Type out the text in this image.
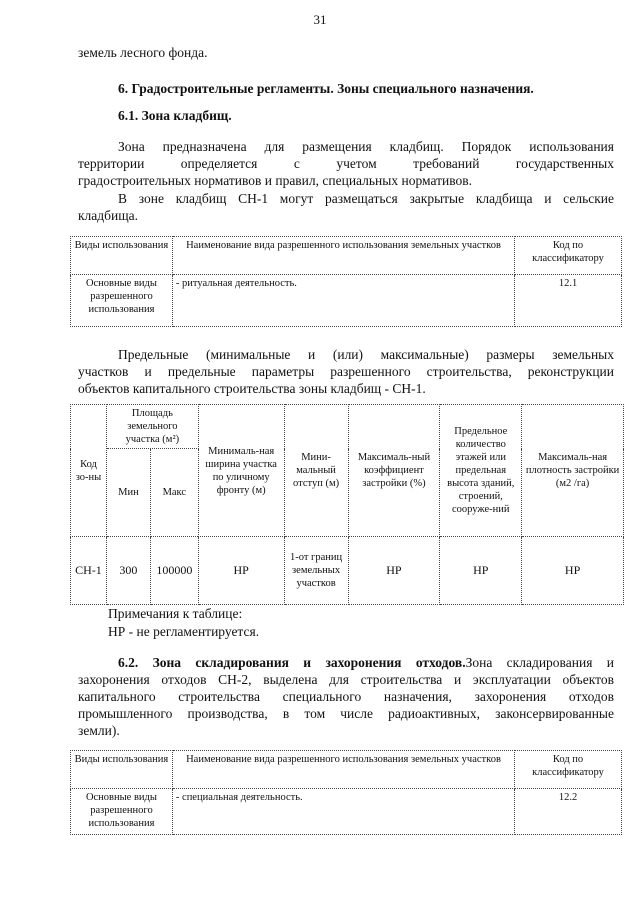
31
земель лесного фонда.
6. Градостроительные регламенты. Зоны специального назначения.
6.1. Зона кладбищ.
Зона предназначена для размещения кладбищ. Порядок использования
территории определяется с учетом требований государственных
градостроительных нормативов и правил, специальных нормативов.
В зоне кладбищ СН-1 могут размещаться закрытые кладбища и сельские
кладбища.
Виды использования	Наименование вида разрешенного использования земельных участков	Код по классификатору
Основные виды разрешенного использования	- ритуальная деятельность.	12.1
Предельные (минимальные и (или) максимальные) размеры земельных
участков и предельные параметры разрешенного строительства, реконструкции
объектов капитального строительства зоны кладбищ - СН-1.
Код зо-ны	Площадь земельного участка (м²)		Минималь-ная ширина участка по уличному фронту (м)	Мини-мальный отступ (м)	Максималь-ный коэффициент застройки (%)	Предельное количество этажей или предельная высота зданий, строений, сооруже-ний	Максималь-ная плотность застройки (м2 /га)
	Мин	Макс					
СН-1	300	100000	НР	1-от границ земельных участков	НР	НР	НР
Примечания к таблице:
НР - не регламентируется.
6.2. Зона складирования и захоронения отходов.Зона складирования и
захоронения отходов СН-2, выделена для строительства и эксплуатации объектов
капитального строительства специального назначения, захоронения отходов
промышленного производства, в том числе радиоактивных, законсервированные
земли).
Виды использования	Наименование вида разрешенного использования земельных участков	Код по классификатору
Основные виды разрешенного использования	- специальная деятельность.	12.2
